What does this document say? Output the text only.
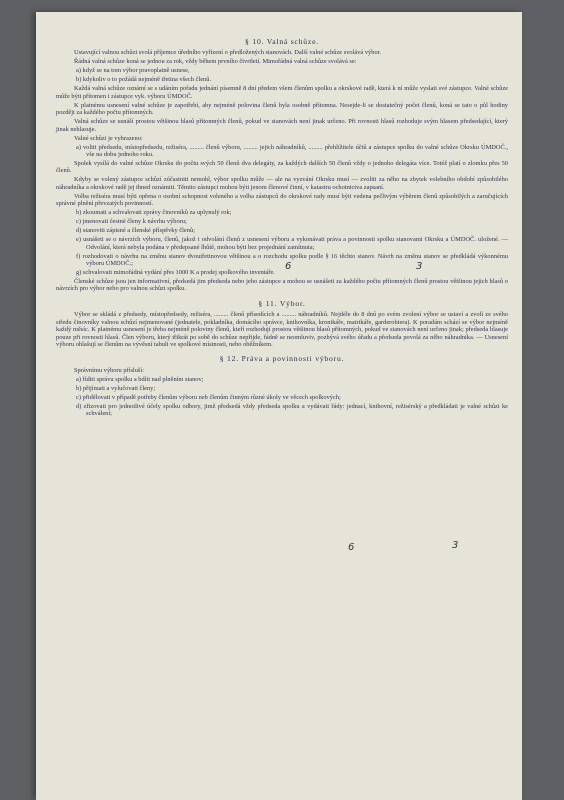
§ 10. Valná schůze.

Ustavující valnou schůzi svolá příjemce úředního vyřízení o předložených stanovách. Další valné schůze svolává výbor.

Řádná valná schůze koná se jednou za rok, vždy během prvního čtvrtletí. Mimořádná valná schůze svolává se:

a) když se na tom výbor pravoplatně usnese,
b) kdykoliv o to požádá nejméně třetina všech členů.

Každá valná schůze oznámí se s udáním pořadu jednání písemně 8 dní předem všem členům spolku a okrskové radě, která k ní může vyslati své zástupce. Valné schůze může býti přítomen i zástupce vyk. výboru ÚMDOČ.

K platnému usnesení valné schůze je zapotřebí, aby nejméně polovina členů byla osobně přítomna. Nesejde-li se dostatečný počet členů, koná se tato o půl hodiny později za každého počtu přítomných.

Valná schůze se usnáší prostou většinou hlasů přítomných členů, pokud ve stanovách není jinak určeno. Při rovnosti hlasů rozhoduje svým hlasem předsedající, který jinak nehlasuje.

Valné schůzi je vyhrazeno:

a) voliti předsedu, místopředsedu, režiséra, ......... členů výboru, ......... jejich náhradníků, ......... přehlížitele účtů a zástupce spolku do valné schůze Okrsku ÚMDOČ., vše na dobu jednoho roku.

Spolek vysílá do valné schůze Okrsku do počtu svých 50 členů dva delegáty, za každých dalších 50 členů vždy o jednoho delegáta více. Totéž platí o zlomku přes 50 členů.

Kdyby se volený zástupce schůzí zúčastniti nemohl, výbor spolku může — ale na vyzvání Okrsku musí — zvoliti za něho na zbytek volebního období způsobilého náhradníka a okrskové radě jej ihned oznámiti. Těmito zástupci mohou býti jenom členové činní, v katastru ochotnictva zapsaní.

Volba režiséra musí býti opřena o osobní schopnost voleného a volba zástupců do okrskové rady musí býti vedena pečlivým výběrem členů způsobilých a zaručujících správné plnění převzatých povinností.

b) zkoumati a schvalovati zprávy činovníků za uplynulý rok;
c) jmenovati čestné členy k návrhu výboru;
d) stanoviti zápisné a členské příspěvky členů;
e) usnášeti se o návrzích výboru, členů, jakož i odvolání členů z usnesení výboru a vykonávati práva a povinnosti spolku stanovami Okrsku a ÚMDOČ. uložené. — Odvolání, která nebyla podána v předepsané lhůtě, mohou býti bez projednání zamítnuta;
f) rozhodovati o návrhu na změnu stanov dvoutřetinovou většinou a o rozchodu spolku podle § 16 těchto stanov. Návrh na změnu stanov se předkládá výkonnému výboru ÚMDOČ.;
g) schvalovati mimořádná vydání přes 1000 K a prodej spolkového inventáře.

Členské schůze jsou jen informativní, předsedá jim předseda nebo jeho zástupce a mohou se usnášeti za každého počtu přítomných členů prostou většinou jejich hlasů o návrzích pro výbor nebo pro valnou schůzi spolku.

§ 11. Výbor.

Výbor se skládá z předsedy, místopředsedy, režiséra, ......... členů přísedících a ......... náhradníků. Nejdéle do 8 dnů po svém zvolení výbor se ustaví a zvolí ze svého středu činovníky valnou schůzí nejmenované (jednatele, pokladníka, domácího správce, knihovníka, kronikáře, matrikáře, garderobiera). K poradám schází se výbor nejméně každý měsíc. K platnému usnesení je třeba nejméně poloviny členů, kteří rozhodují prostou většinou hlasů přítomných, pokud ve stanovách není určeno jinak; předseda hlasuje pouze při rovnosti hlasů. Člen výboru, který třikrát po sobě do schůze nepřijde, řádně se neomluviv, pozbývá svého úřadu a předseda povolá za něho náhradníka. — Usnesení výboru ohlašují se členům na vývěsní tabuli ve spolkové místnosti, nebo oběžníkem.

§ 12. Práva a povinnosti výboru.

Správnímu výboru přísluší:

a) říditi správu spolku a bdíti nad plněním stanov;
b) přijímati a vylučovati členy;
c) přidělovati v případě potřeby členům výboru neb členům činným různé úkoly ve věcech spolkových;
d) zřizovati pro jednotlivé účely spolku odbory, jimž předsedá vždy předseda spolku a vydávati řády: jednací, knihovní, režisérský a předkládati je valné schůzi ke schválení;
6	3
6	3
